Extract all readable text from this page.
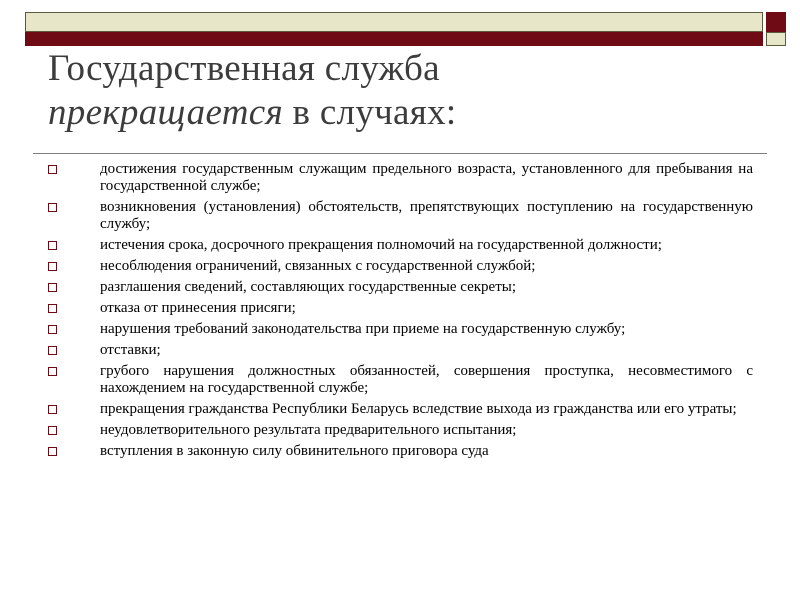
Государственная служба
прекращается в случаях:
достижения государственным служащим предельного возраста, установленного для пребывания на государственной службе;
возникновения (установления) обстоятельств, препятствующих поступлению на государственную службу;
истечения срока, досрочного прекращения полномочий на государственной должности;
несоблюдения ограничений, связанных с государственной службой;
разглашения сведений, составляющих государственные секреты;
отказа от принесения присяги;
нарушения требований законодательства при приеме на государственную службу;
отставки;
грубого нарушения должностных обязанностей, совершения проступка, несовместимого с нахождением на государственной службе;
прекращения гражданства Республики Беларусь вследствие выхода из гражданства или его утраты;
неудовлетворительного результата предварительного испытания;
вступления в законную силу обвинительного приговора суда
